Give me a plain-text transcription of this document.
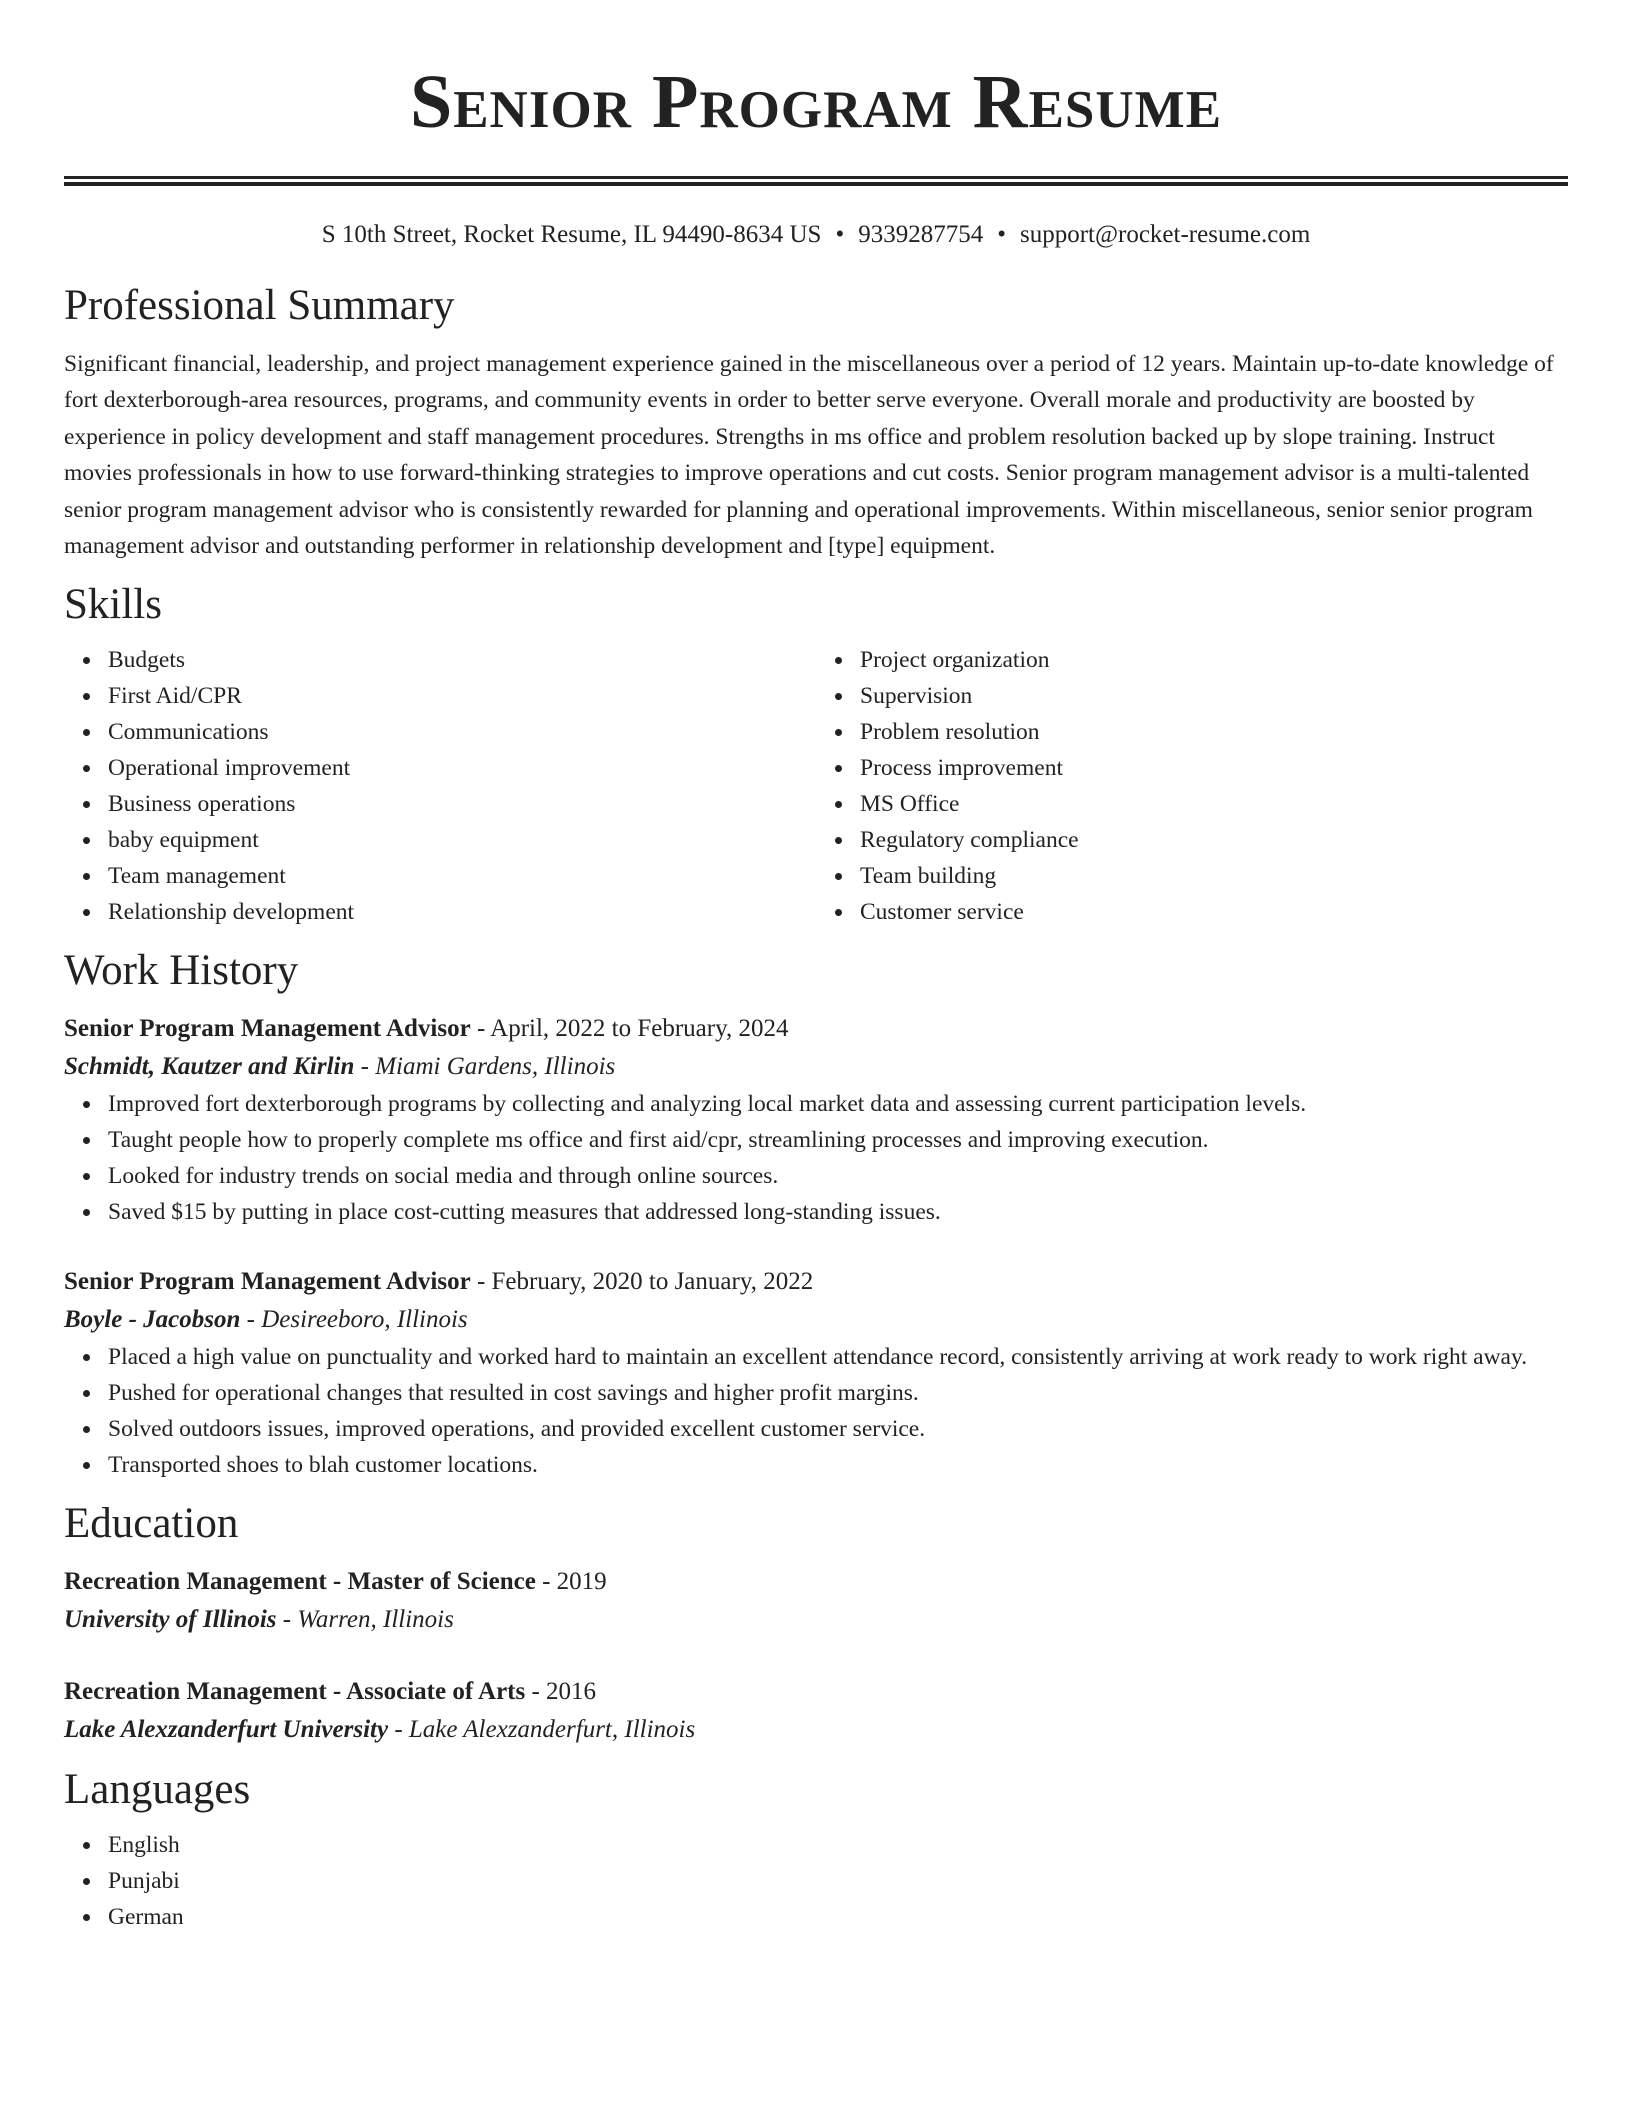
Senior Program Resume
S 10th Street, Rocket Resume, IL 94490-8634 US • 9339287754 • support@rocket-resume.com
Professional Summary

Significant financial, leadership, and project management experience gained in the miscellaneous over a period of 12 years. Maintain up-to-date knowledge of fort dexterborough-area resources, programs, and community events in order to better serve everyone. Overall morale and productivity are boosted by experience in policy development and staff management procedures. Strengths in ms office and problem resolution backed up by slope training. Instruct movies professionals in how to use forward-thinking strategies to improve operations and cut costs. Senior program management advisor is a multi-talented senior program management advisor who is consistently rewarded for planning and operational improvements. Within miscellaneous, senior senior program management advisor and outstanding performer in relationship development and [type] equipment.

Skills
Budgets
First Aid/CPR
Communications
Operational improvement
Business operations
baby equipment
Team management
Relationship development
Project organization
Supervision
Problem resolution
Process improvement
MS Office
Regulatory compliance
Team building
Customer service
Work History
Senior Program Management Advisor - April, 2022 to February, 2024
Schmidt, Kautzer and Kirlin - Miami Gardens, Illinois
Improved fort dexterborough programs by collecting and analyzing local market data and assessing current participation levels.
Taught people how to properly complete ms office and first aid/cpr, streamlining processes and improving execution.
Looked for industry trends on social media and through online sources.
Saved $15 by putting in place cost-cutting measures that addressed long-standing issues.
Senior Program Management Advisor - February, 2020 to January, 2022
Boyle - Jacobson - Desireeboro, Illinois
Placed a high value on punctuality and worked hard to maintain an excellent attendance record, consistently arriving at work ready to work right away.
Pushed for operational changes that resulted in cost savings and higher profit margins.
Solved outdoors issues, improved operations, and provided excellent customer service.
Transported shoes to blah customer locations.
Education
Recreation Management - Master of Science - 2019
University of Illinois - Warren, Illinois
Recreation Management - Associate of Arts - 2016
Lake Alexzanderfurt University - Lake Alexzanderfurt, Illinois
Languages
English
Punjabi
German
